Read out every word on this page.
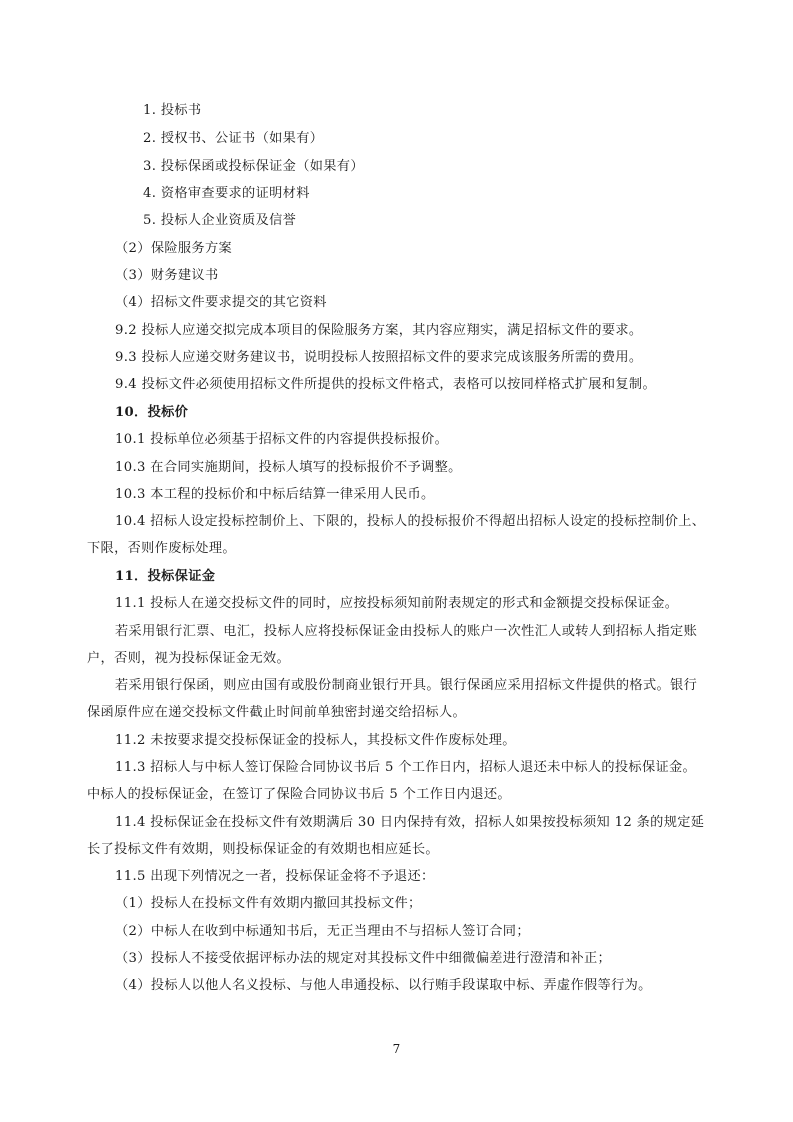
1. 投标书
2. 授权书、公证书（如果有）
3. 投标保函或投标保证金（如果有）
4. 资格审查要求的证明材料
5. 投标人企业资质及信誉
（2）保险服务方案
（3）财务建议书
（4）招标文件要求提交的其它资料
9.2 投标人应递交拟完成本项目的保险服务方案，其内容应翔实，满足招标文件的要求。
9.3 投标人应递交财务建议书，说明投标人按照招标文件的要求完成该服务所需的费用。
9.4 投标文件必须使用招标文件所提供的投标文件格式，表格可以按同样格式扩展和复制。
10．投标价
10.1 投标单位必须基于招标文件的内容提供投标报价。
10.3 在合同实施期间，投标人填写的投标报价不予调整。
10.3 本工程的投标价和中标后结算一律采用人民币。
10.4 招标人设定投标控制价上、下限的，投标人的投标报价不得超出招标人设定的投标控制价上、
下限，否则作废标处理。
11．投标保证金
11.1 投标人在递交投标文件的同时，应按投标须知前附表规定的形式和金额提交投标保证金。
若采用银行汇票、电汇，投标人应将投标保证金由投标人的账户一次性汇人或转人到招标人指定账
户，否则，视为投标保证金无效。
若采用银行保函，则应由国有或股份制商业银行开具。银行保函应采用招标文件提供的格式。银行
保函原件应在递交投标文件截止时间前单独密封递交给招标人。
11.2 未按要求提交投标保证金的投标人，其投标文件作废标处理。
11.3 招标人与中标人签订保险合同协议书后 5 个工作日内，招标人退还未中标人的投标保证金。
中标人的投标保证金，在签订了保险合同协议书后 5 个工作日内退还。
11.4 投标保证金在投标文件有效期满后 30 日内保持有效，招标人如果按投标须知 12 条的规定延
长了投标文件有效期，则投标保证金的有效期也相应延长。
11.5 出现下列情况之一者，投标保证金将不予退还：
（1）投标人在投标文件有效期内撤回其投标文件；
（2）中标人在收到中标通知书后，无正当理由不与招标人签订合同；
（3）投标人不接受依据评标办法的规定对其投标文件中细微偏差进行澄清和补正；
（4）投标人以他人名义投标、与他人串通投标、以行贿手段谋取中标、弄虚作假等行为。
7
